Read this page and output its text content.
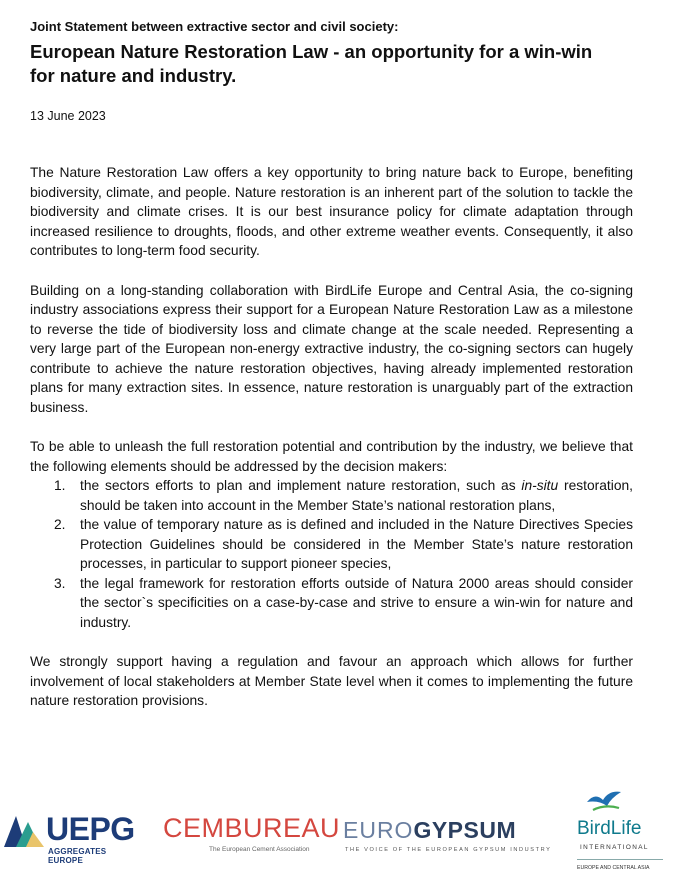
Joint Statement between extractive sector and civil society:

European Nature Restoration Law - an opportunity for a win-win
for nature and industry.

13 June 2023

The Nature Restoration Law offers a key opportunity to bring nature back to Europe, benefiting biodiversity, climate, and people. Nature restoration is an inherent part of the solution to tackle the biodiversity and climate crises. It is our best insurance policy for climate adaptation through increased resilience to droughts, floods, and other extreme weather events. Consequently, it also contributes to long-term food security.

Building on a long-standing collaboration with BirdLife Europe and Central Asia, the co-signing industry associations express their support for a European Nature Restoration Law as a milestone to reverse the tide of biodiversity loss and climate change at the scale needed. Representing a very large part of the European non-energy extractive industry, the co-signing sectors can hugely contribute to achieve the nature restoration objectives, having already implemented restoration plans for many extraction sites. In essence, nature restoration is unarguably part of the extraction business.

To be able to unleash the full restoration potential and contribution by the industry, we believe that the following elements should be addressed by the decision makers:

1. the sectors efforts to plan and implement nature restoration, such as in-situ restoration, should be taken into account in the Member State’s national restoration plans,
2. the value of temporary nature as is defined and included in the Nature Directives Species Protection Guidelines should be considered in the Member State’s nature restoration processes, in particular to support pioneer species,
3. the legal framework for restoration efforts outside of Natura 2000 areas should consider the sector`s specificities on a case-by-case and strive to ensure a win-win for nature and industry.

We strongly support having a regulation and favour an approach which allows for further involvement of local stakeholders at Member State level when it comes to implementing the future nature restoration provisions.

UEPG
AGGREGATES EUROPE
CEMBUREAU
The European Cement Association
EUROGYPSUM
THE VOICE OF THE EUROPEAN GYPSUM INDUSTRY
BirdLife
INTERNATIONAL
EUROPE AND CENTRAL ASIA
